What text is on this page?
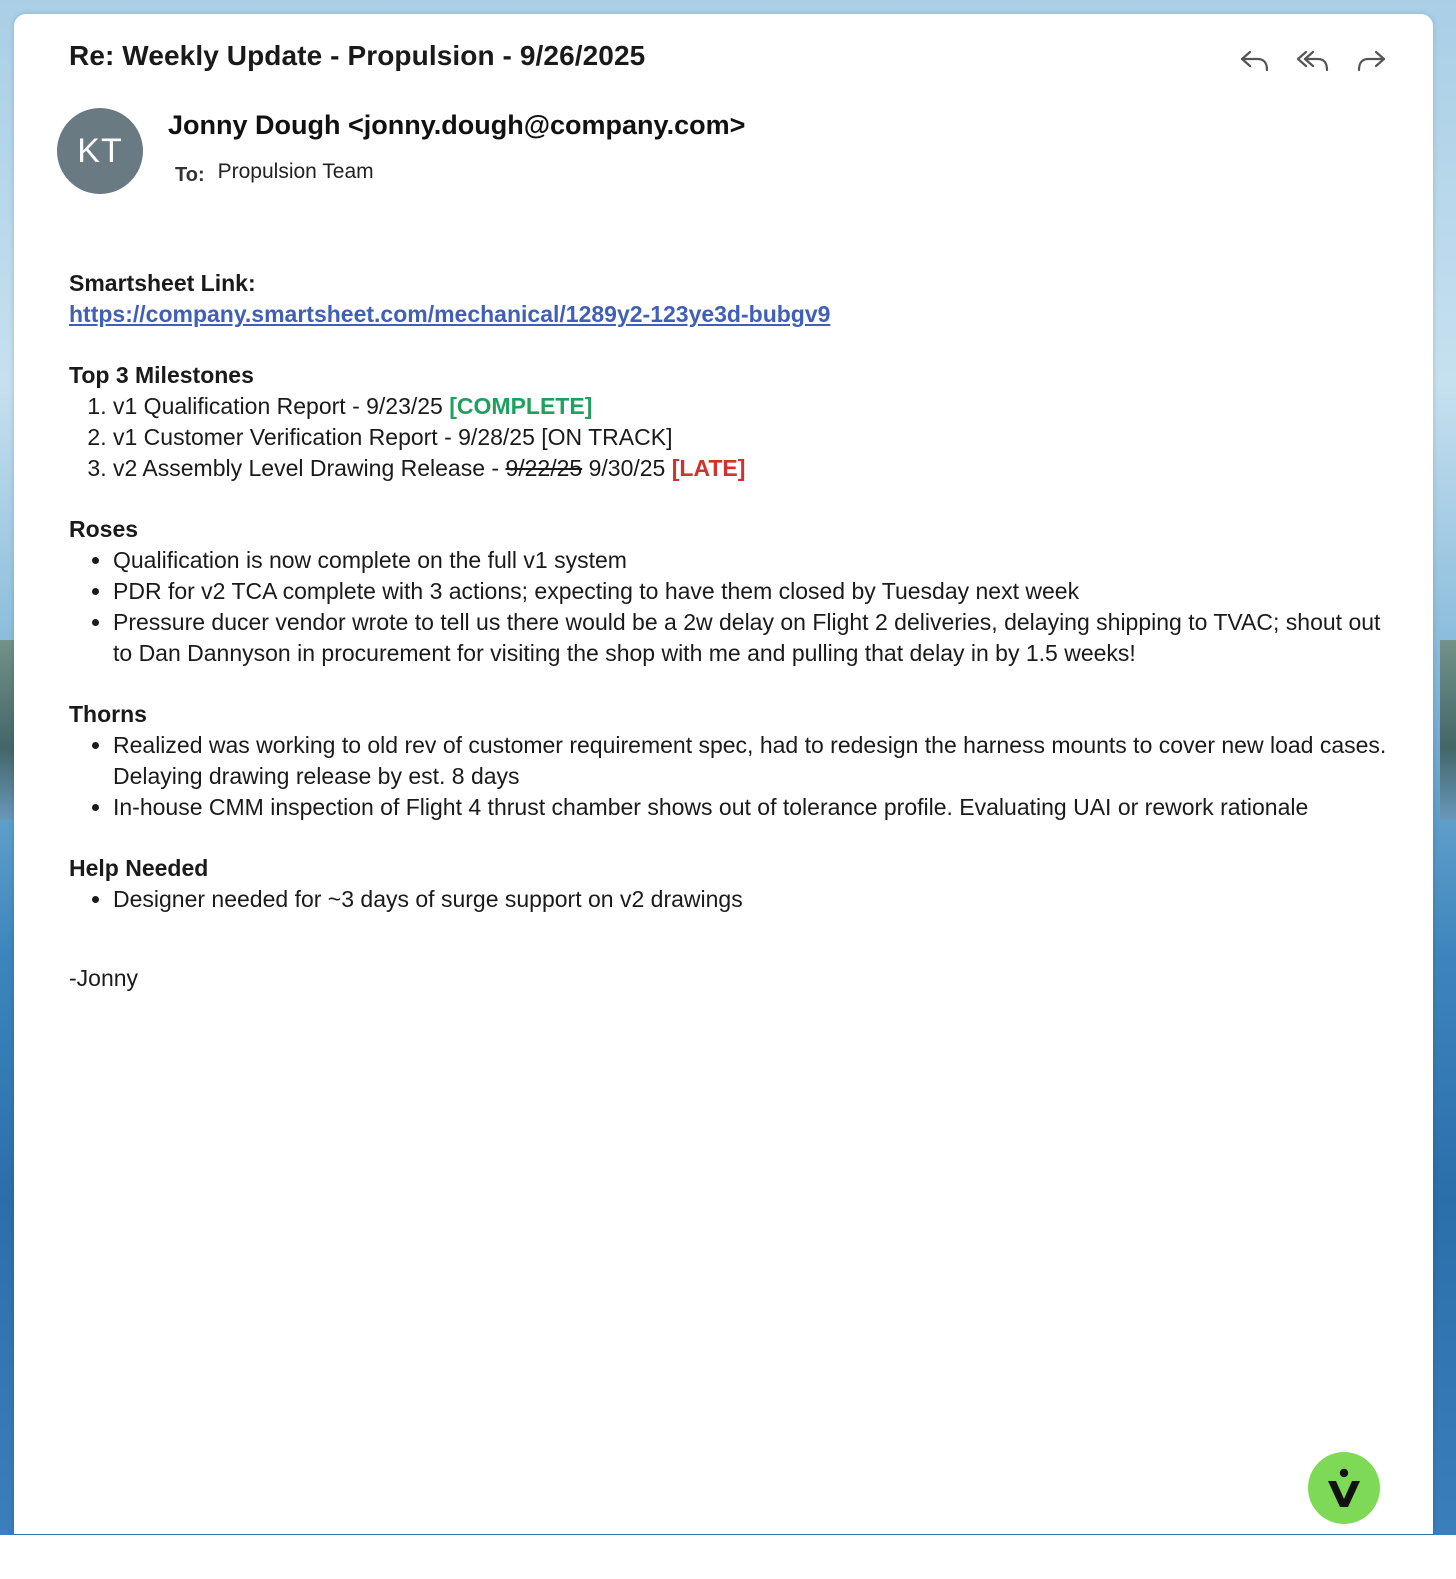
Re: Weekly Update - Propulsion - 9/26/2025
KT
Jonny Dough <jonny.dough@company.com>
To: Propulsion Team
Smartsheet Link:
https://company.smartsheet.com/mechanical/1289y2-123ye3d-bubgv9
Top 3 Milestones
1. v1 Qualification Report - 9/23/25 [COMPLETE]
2. v1 Customer Verification Report - 9/28/25 [ON TRACK]
3. v2 Assembly Level Drawing Release - 9/22/25 9/30/25 [LATE]
Roses
• Qualification is now complete on the full v1 system
• PDR for v2 TCA complete with 3 actions; expecting to have them closed by Tuesday next week
• Pressure ducer vendor wrote to tell us there would be a 2w delay on Flight 2 deliveries, delaying shipping to TVAC; shout out to Dan Dannyson in procurement for visiting the shop with me and pulling that delay in by 1.5 weeks!
Thorns
• Realized was working to old rev of customer requirement spec, had to redesign the harness mounts to cover new load cases. Delaying drawing release by est. 8 days
• In-house CMM inspection of Flight 4 thrust chamber shows out of tolerance profile. Evaluating UAI or rework rationale
Help Needed
• Designer needed for ~3 days of surge support on v2 drawings
-Jonny
